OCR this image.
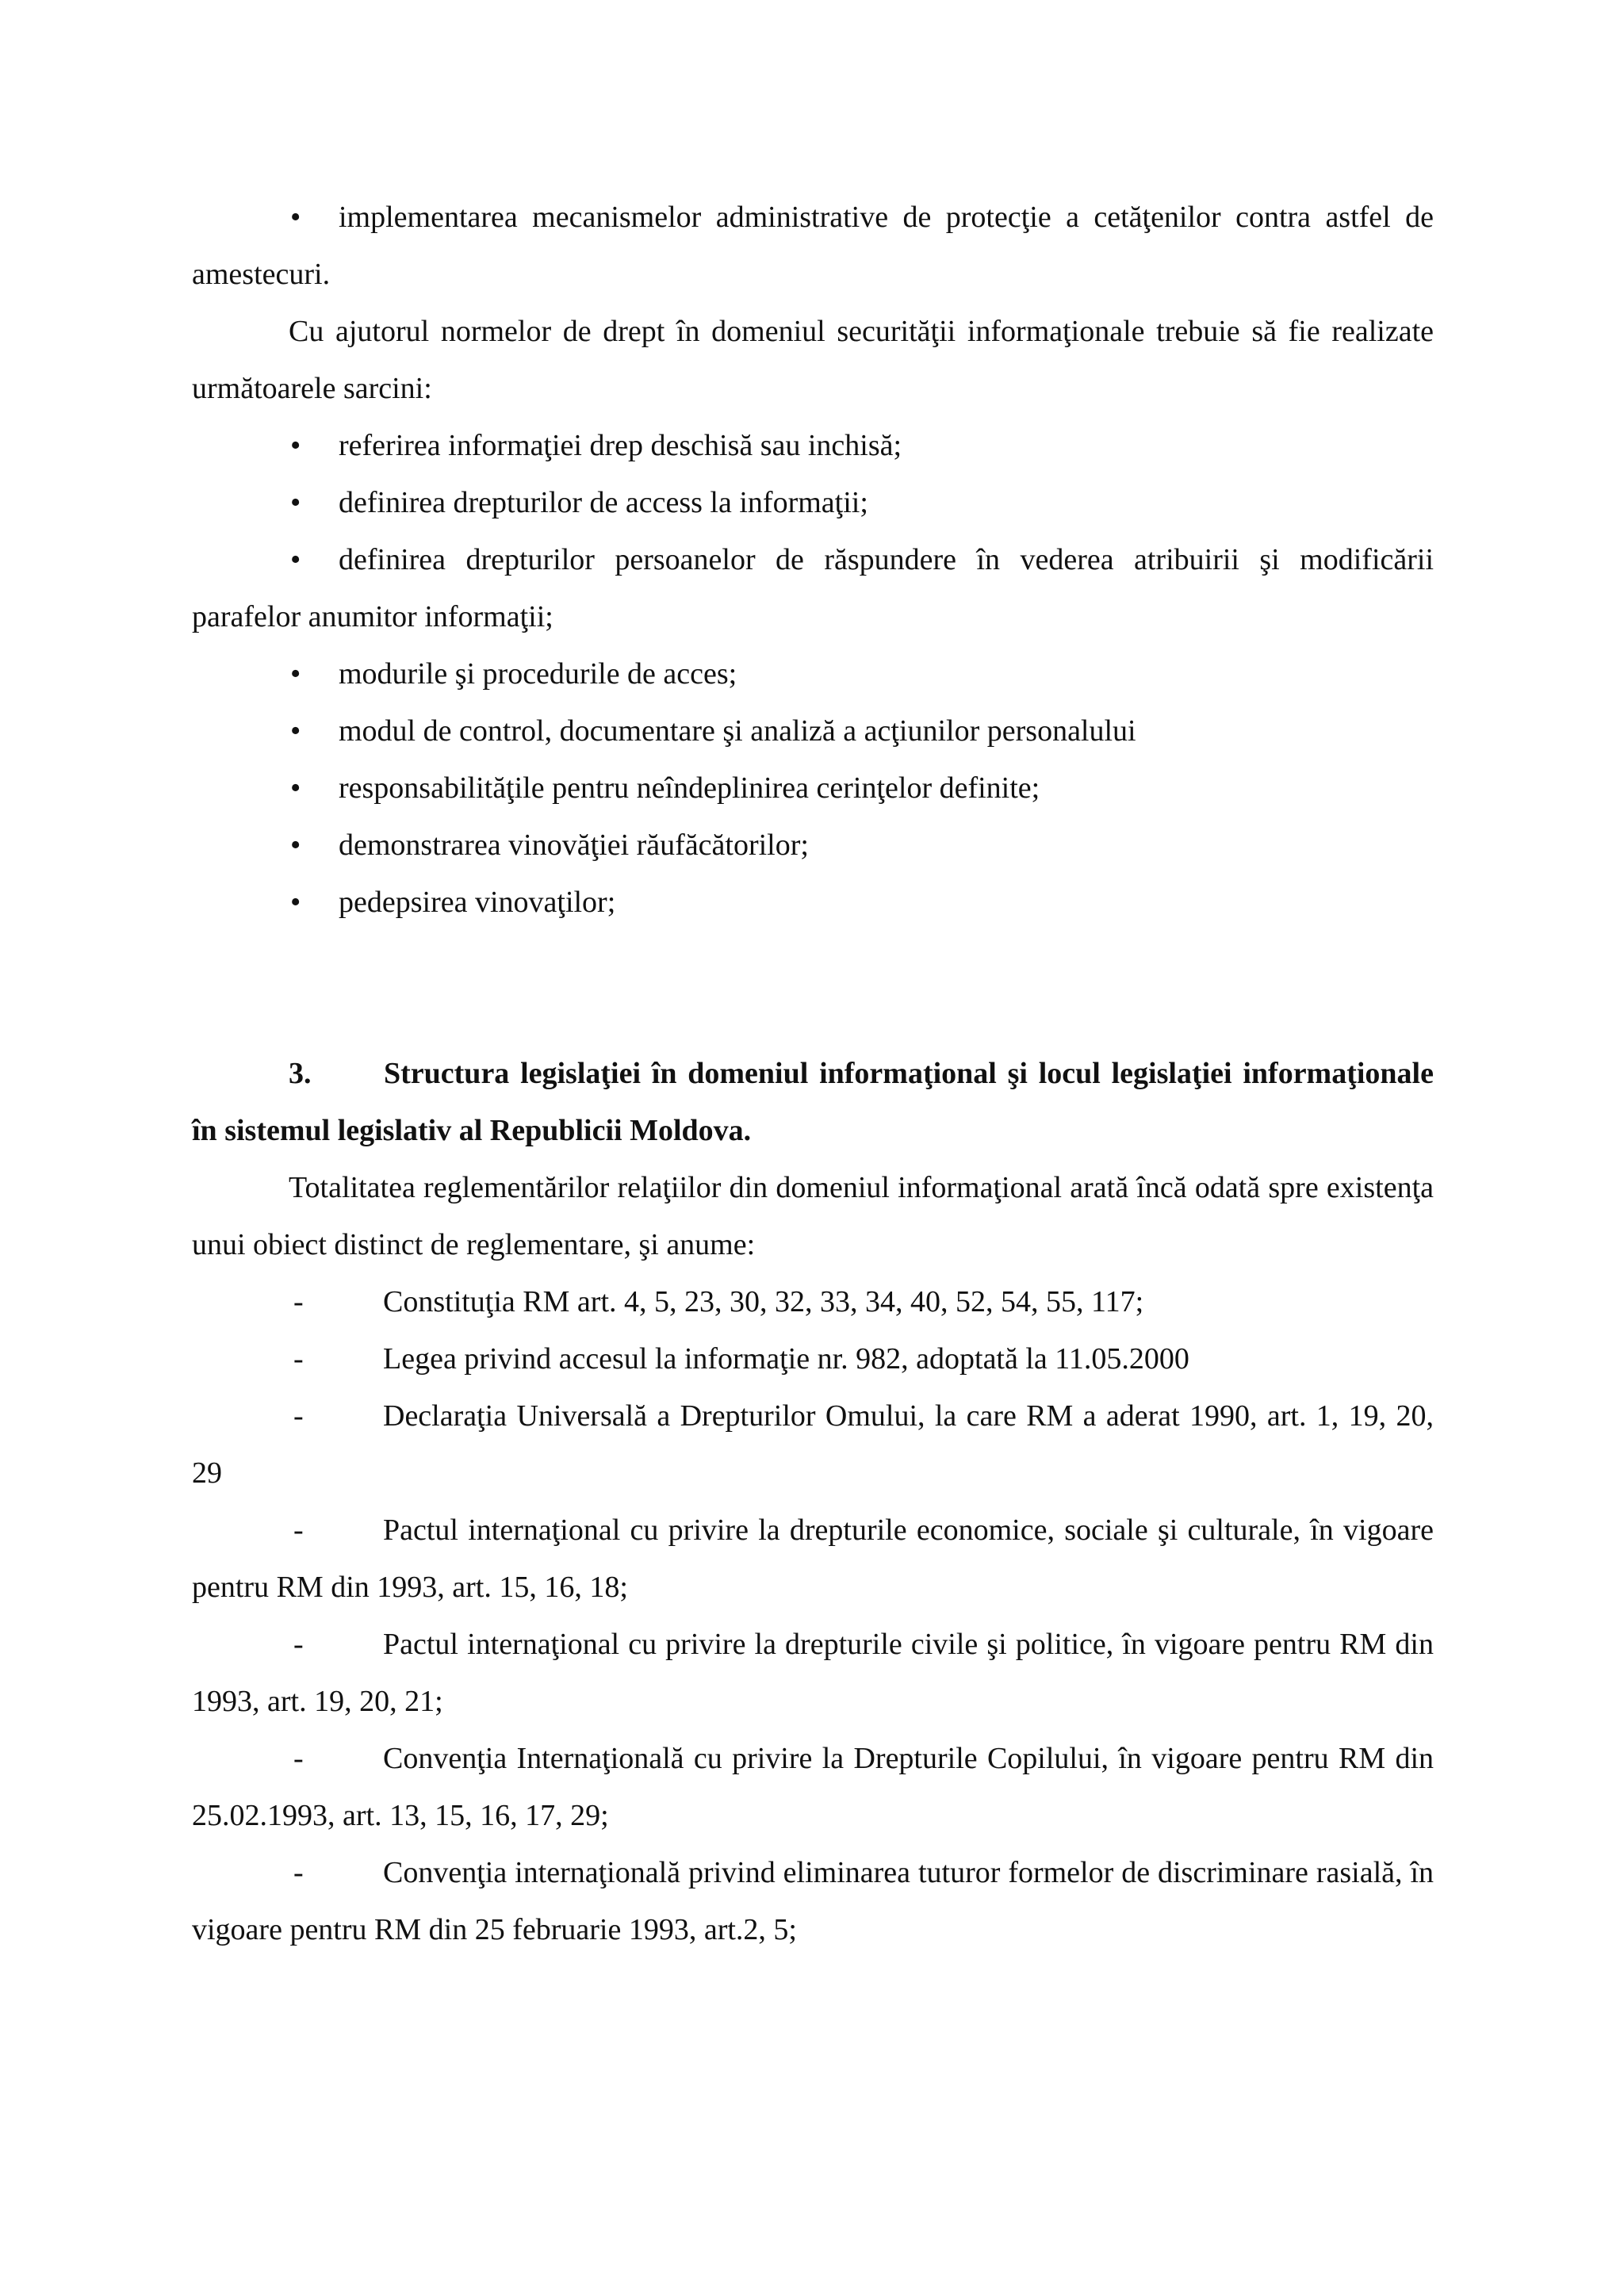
• implementarea mecanismelor administrative de protecţie a cetăţenilor contra astfel de amestecuri.

Cu ajutorul normelor de drept în domeniul securităţii informaţionale trebuie să fie realizate următoarele sarcini:

• referirea informaţiei drep deschisă sau inchisă;

• definirea drepturilor de access la informaţii;

• definirea drepturilor persoanelor de răspundere în vederea atribuirii şi modificării parafelor anumitor informaţii;

• modurile şi procedurile de acces;

• modul de control, documentare şi analiză a acţiunilor personalului

• responsabilităţile pentru neîndeplinirea cerinţelor definite;

• demonstrarea vinovăţiei răufăcătorilor;

• pedepsirea vinovaţilor;

3. Structura legislaţiei în domeniul informaţional şi locul legislaţiei informaţionale în sistemul legislativ al Republicii Moldova.

Totalitatea reglementărilor relaţiilor din domeniul informaţional arată încă odată spre existenţa unui obiect distinct de reglementare, şi anume:

-	Constituţia RM art. 4, 5, 23, 30, 32, 33, 34, 40, 52, 54, 55, 117;

-	Legea privind accesul la informaţie nr. 982, adoptată la 11.05.2000

-	Declaraţia Universală a Drepturilor Omului, la care RM a aderat 1990, art. 1, 19, 20, 29

-	Pactul internaţional cu privire la drepturile economice, sociale şi culturale, în vigoare pentru RM din 1993, art. 15, 16, 18;

-	Pactul internaţional cu privire la drepturile civile şi politice, în vigoare pentru RM din 1993, art. 19, 20, 21;

-	Convenţia Internaţională cu privire la Drepturile Copilului, în vigoare pentru RM din 25.02.1993, art. 13, 15, 16, 17, 29;

-	Convenţia internaţională privind eliminarea tuturor formelor de discriminare rasială, în vigoare pentru RM din 25 februarie 1993, art.2, 5;
